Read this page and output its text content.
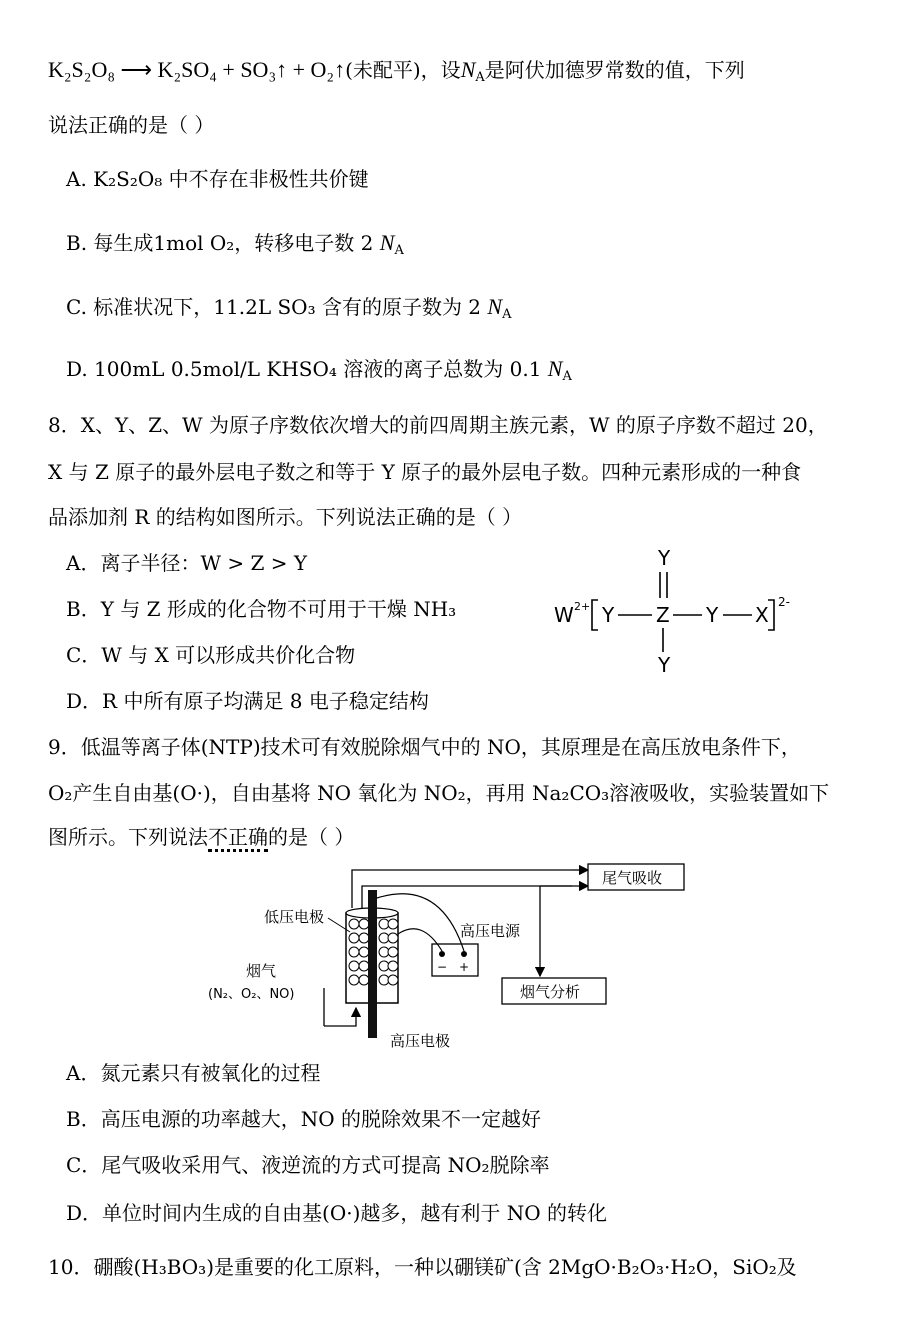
K₂S₂O₈ ⟶ K₂SO₄ + SO₃↑ + O₂↑(未配平)，设$N_A$是阿伏加德罗常数的值，下列
说法正确的是（ ）
A. K₂S₂O₈ 中不存在非极性共价键
B. 每生成1mol O₂，转移电子数 2 $N_A$
C. 标准状况下，11.2L SO₃ 含有的原子数为 2 $N_A$
D. 100mL 0.5mol/L KHSO₄ 溶液的离子总数为 0.1 $N_A$
8．X、Y、Z、W 为原子序数依次增大的前四周期主族元素，W 的原子序数不超过 20，
X 与 Z 原子的最外层电子数之和等于 Y 原子的最外层电子数。四种元素形成的一种食
品添加剂 R 的结构如图所示。下列说法正确的是（ ）
A．离子半径：W > Z > Y
B．Y 与 Z 形成的化合物不可用于干燥 NH₃
C．W 与 X 可以形成共价化合物
D．R 中所有原子均满足 8 电子稳定结构
Y
W 2+ Y Z Y X
2-
Y
9．低温等离子体(NTP)技术可有效脱除烟气中的 NO，其原理是在高压放电条件下，
O₂产生自由基(O·)，自由基将 NO 氧化为 NO₂，再用 Na₂CO₃溶液吸收，实验装置如下
图所示。下列说法不正确的是（ ）
尾气吸收
烟气分析
− +
高压电源
低压电极
烟气
(N₂、O₂、NO)
高压电极
A．氮元素只有被氧化的过程
B．高压电源的功率越大，NO 的脱除效果不一定越好
C．尾气吸收采用气、液逆流的方式可提高 NO₂脱除率
D．单位时间内生成的自由基(O·)越多，越有利于 NO 的转化
10．硼酸(H₃BO₃)是重要的化工原料，一种以硼镁矿(含 2MgO·B₂O₃·H₂O，SiO₂及
